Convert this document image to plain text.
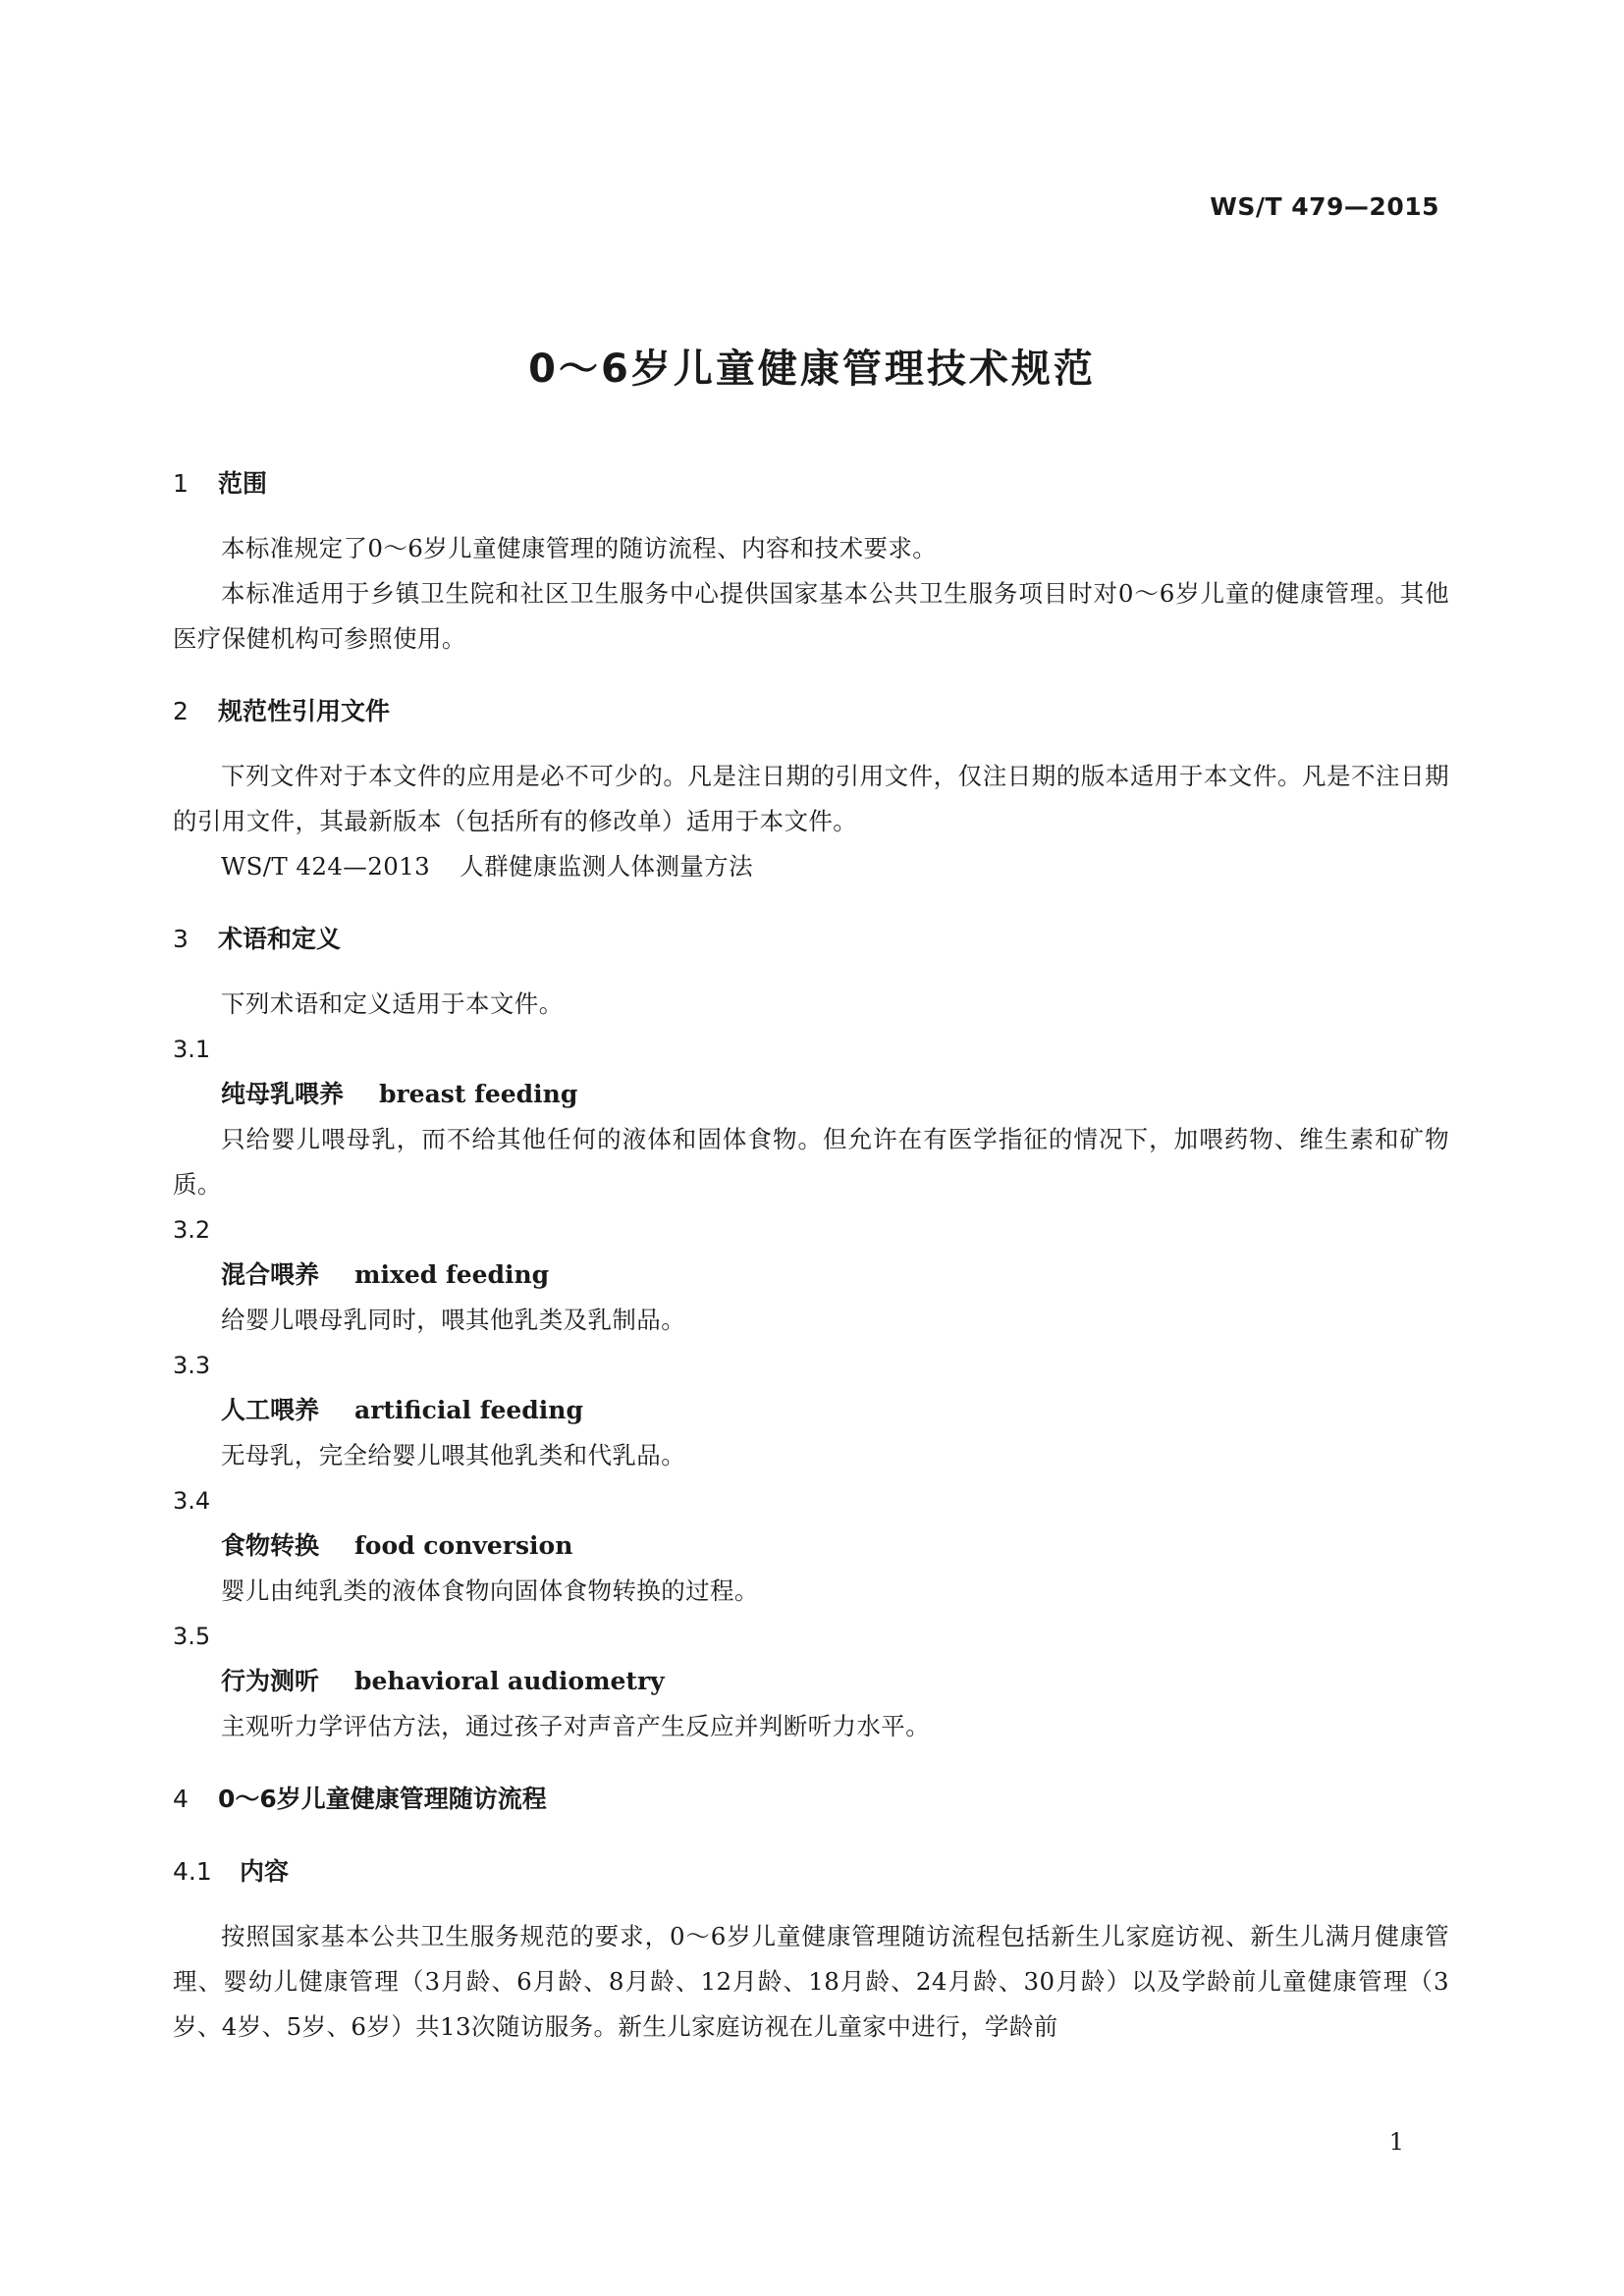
WS/T 479—2015
0～6岁儿童健康管理技术规范
1 范围

本标准规定了0～6岁儿童健康管理的随访流程、内容和技术要求。

本标准适用于乡镇卫生院和社区卫生服务中心提供国家基本公共卫生服务项目时对0～6岁儿童的健康管理。其他医疗保健机构可参照使用。

2 规范性引用文件

下列文件对于本文件的应用是必不可少的。凡是注日期的引用文件，仅注日期的版本适用于本文件。凡是不注日期的引用文件，其最新版本（包括所有的修改单）适用于本文件。

WS/T 424—2013 人群健康监测人体测量方法

3 术语和定义

下列术语和定义适用于本文件。

3.1

纯母乳喂养 breast feeding

只给婴儿喂母乳，而不给其他任何的液体和固体食物。但允许在有医学指征的情况下，加喂药物、维生素和矿物质。

3.2

混合喂养 mixed feeding

给婴儿喂母乳同时，喂其他乳类及乳制品。

3.3

人工喂养 artificial feeding

无母乳，完全给婴儿喂其他乳类和代乳品。

3.4

食物转换 food conversion

婴儿由纯乳类的液体食物向固体食物转换的过程。

3.5

行为测听 behavioral audiometry

主观听力学评估方法，通过孩子对声音产生反应并判断听力水平。

4 0～6岁儿童健康管理随访流程
4.1 内容

按照国家基本公共卫生服务规范的要求，0～6岁儿童健康管理随访流程包括新生儿家庭访视、新生儿满月健康管理、婴幼儿健康管理（3月龄、6月龄、8月龄、12月龄、18月龄、24月龄、30月龄）以及学龄前儿童健康管理（3岁、4岁、5岁、6岁）共13次随访服务。新生儿家庭访视在儿童家中进行，学龄前

1
